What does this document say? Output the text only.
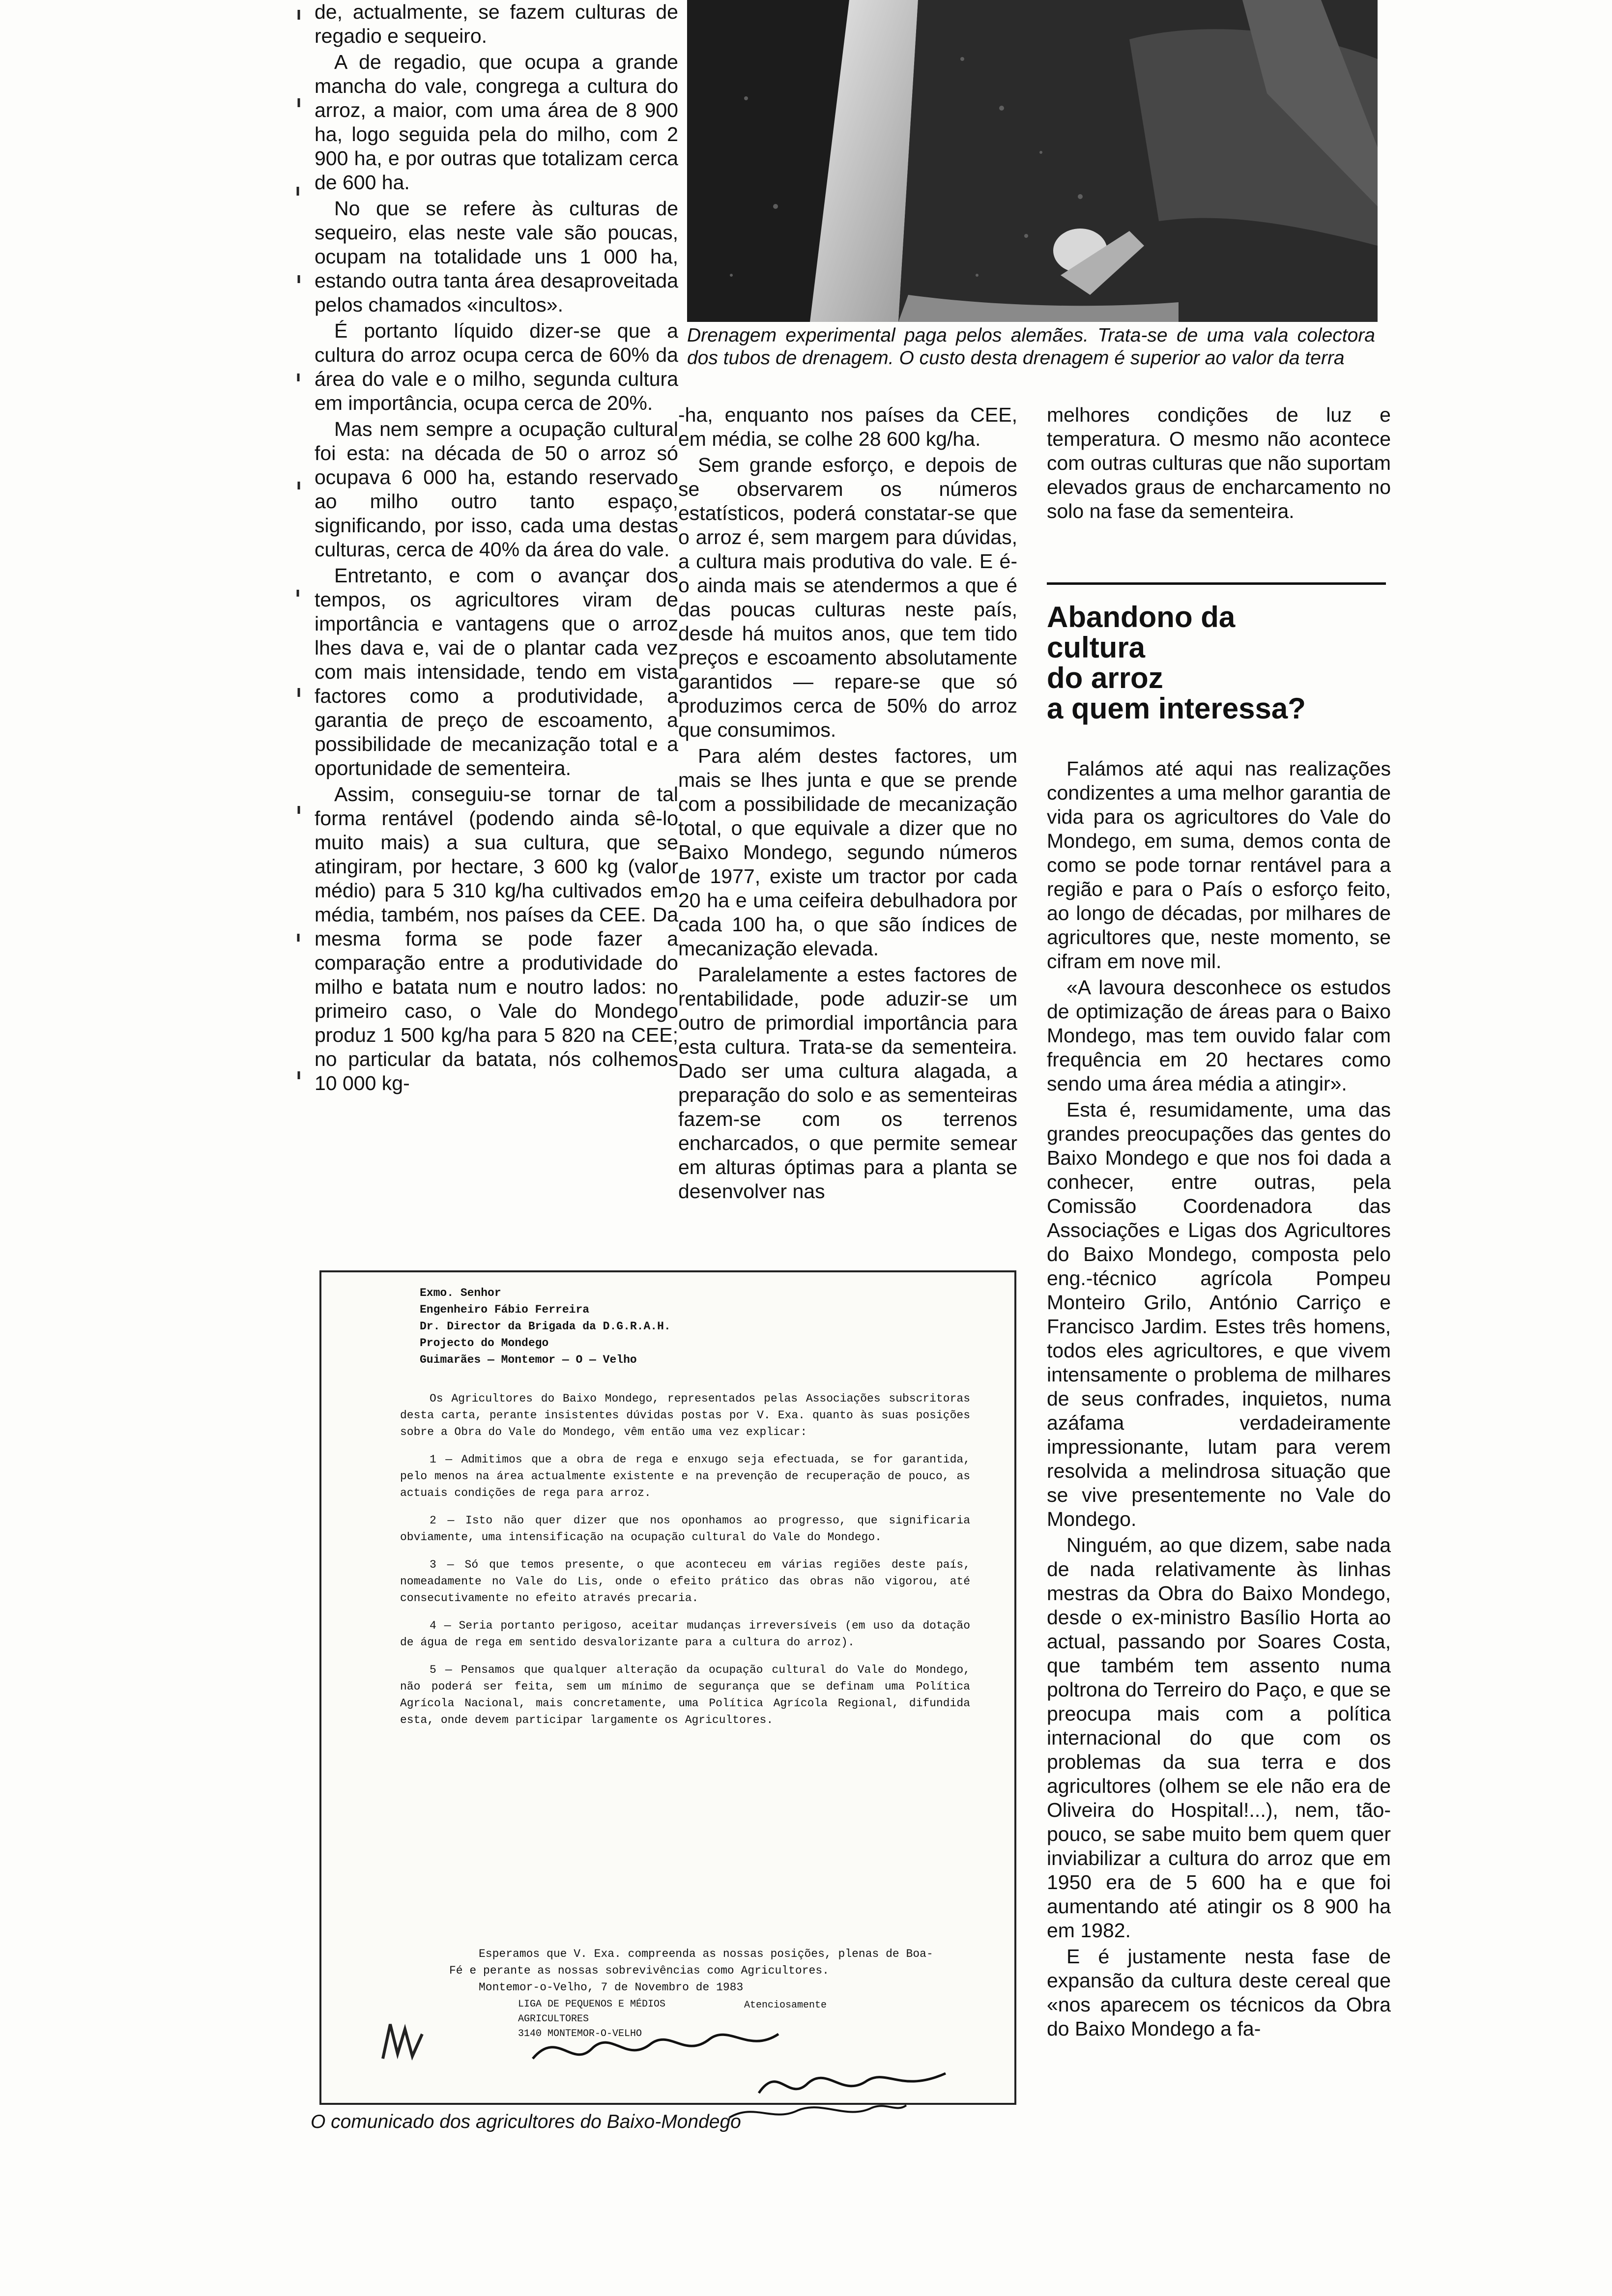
de, actualmente, se fazem culturas de regadio e sequeiro.

A de regadio, que ocupa a grande mancha do vale, congrega a cultura do arroz, a maior, com uma área de 8 900 ha, logo seguida pela do milho, com 2 900 ha, e por outras que totalizam cerca de 600 ha.

No que se refere às culturas de sequeiro, elas neste vale são poucas, ocupam na totalidade uns 1 000 ha, estando outra tanta área desaproveitada pelos chamados «incultos».

É portanto líquido dizer-se que a cultura do arroz ocupa cerca de 60% da área do vale e o milho, segunda cultura em importância, ocupa cerca de 20%.

Mas nem sempre a ocupação cultural foi esta: na década de 50 o arroz só ocupava 6 000 ha, estando reservado ao milho outro tanto espaço, significando, por isso, cada uma destas culturas, cerca de 40% da área do vale.

Entretanto, e com o avançar dos tempos, os agricultores viram de importância e vantagens que o arroz lhes dava e, vai de o plantar cada vez com mais intensidade, tendo em vista factores como a produtividade, a garantia de preço de escoamento, a possibilidade de mecanização total e a oportunidade de sementeira.

Assim, conseguiu-se tornar de tal forma rentável (podendo ainda sê-lo muito mais) a sua cultura, que se atingiram, por hectare, 3 600 kg (valor médio) para 5 310 kg/ha cultivados em média, também, nos países da CEE. Da mesma forma se pode fazer a comparação entre a produtividade do milho e batata num e noutro lados: no primeiro caso, o Vale do Mondego produz 1 500 kg/ha para 5 820 na CEE; no particular da batata, nós colhemos 10 000 kg-

Drenagem experimental paga pelos alemães. Trata-se de uma vala colectora dos tubos de drenagem. O custo desta drenagem é superior ao valor da terra

-ha, enquanto nos países da CEE, em média, se colhe 28 600 kg/ha.

Sem grande esforço, e depois de se observarem os números estatísticos, poderá constatar-se que o arroz é, sem margem para dúvidas, a cultura mais produtiva do vale. E é-o ainda mais se atendermos a que é das poucas culturas neste país, desde há muitos anos, que tem tido preços e escoamento absolutamente garantidos — repare-se que só produzimos cerca de 50% do arroz que consumimos.

Para além destes factores, um mais se lhes junta e que se prende com a possibilidade de mecanização total, o que equivale a dizer que no Baixo Mondego, segundo números de 1977, existe um tractor por cada 20 ha e uma ceifeira debulhadora por cada 100 ha, o que são índices de mecanização elevada.

Paralelamente a estes factores de rentabilidade, pode aduzir-se um outro de primordial importância para esta cultura. Trata-se da sementeira. Dado ser uma cultura alagada, a preparação do solo e as sementeiras fazem-se com os terrenos encharcados, o que permite semear em alturas óptimas para a planta se desenvolver nas

melhores condições de luz e temperatura. O mesmo não acontece com outras culturas que não suportam elevados graus de encharcamento no solo na fase da sementeira.

Abandono da
cultura
do arroz
a quem interessa?

Falámos até aqui nas realizações condizentes a uma melhor garantia de vida para os agricultores do Vale do Mondego, em suma, demos conta de como se pode tornar rentável para a região e para o País o esforço feito, ao longo de décadas, por milhares de agricultores que, neste momento, se cifram em nove mil.

«A lavoura desconhece os estudos de optimização de áreas para o Baixo Mondego, mas tem ouvido falar com frequência em 20 hectares como sendo uma área média a atingir».

Esta é, resumidamente, uma das grandes preocupações das gentes do Baixo Mondego e que nos foi dada a conhecer, entre outras, pela Comissão Coordenadora das Associações e Ligas dos Agricultores do Baixo Mondego, composta pelo eng.-técnico agrícola Pompeu Monteiro Grilo, António Carriço e Francisco Jardim. Estes três homens, todos eles agricultores, e que vivem intensamente o problema de milhares de seus confrades, inquietos, numa azáfama verdadeiramente impressionante, lutam para verem resolvida a melindrosa situação que se vive presentemente no Vale do Mondego.

Ninguém, ao que dizem, sabe nada de nada relativamente às linhas mestras da Obra do Baixo Mondego, desde o ex-ministro Basílio Horta ao actual, passando por Soares Costa, que também tem assento numa poltrona do Terreiro do Paço, e que se preocupa mais com a política internacional do que com os problemas da sua terra e dos agricultores (olhem se ele não era de Oliveira do Hospital!...), nem, tão-pouco, se sabe muito bem quem quer inviabilizar a cultura do arroz que em 1950 era de 5 600 ha e que foi aumentando até atingir os 8 900 ha em 1982.

E é justamente nesta fase de expansão da cultura deste cereal que «nos aparecem os técnicos da Obra do Baixo Mondego a fa-

Exmo. Senhor
Engenheiro Fábio Ferreira
Dr. Director da Brigada da D.G.R.A.H.
Projecto do Mondego
Guimarães — Montemor — O — Velho

Os Agricultores do Baixo Mondego, representados pelas Associações subscritoras desta carta, perante insistentes dúvidas postas por V. Exa. quanto às suas posições sobre a Obra do Vale do Mondego, vêm então uma vez explicar:

1 — Admitimos que a obra de rega e enxugo seja efectuada, se for garantida, pelo menos na área actualmente existente e na prevenção de recuperação de pouco, as actuais condições de rega para arroz.

2 — Isto não quer dizer que nos oponhamos ao progresso, que significaria obviamente, uma intensificação na ocupação cultural do Vale do Mondego.

3 — Só que temos presente, o que aconteceu em várias regiões deste país, nomeadamente no Vale do Lis, onde o efeito prático das obras não vigorou, até consecutivamente no efeito através precaria.

4 — Seria portanto perigoso, aceitar mudanças irreversíveis (em uso da dotação de água de rega em sentido desvalorizante para a cultura do arroz).

5 — Pensamos que qualquer alteração da ocupação cultural do Vale do Mondego, não poderá ser feita, sem um mínimo de segurança que se definam uma Política Agrícola Nacional, mais concretamente, uma Política Agrícola Regional, difundida esta, onde devem participar largamente os Agricultores.

Esperamos que V. Exa. compreenda as nossas posições, plenas de Boa-Fé e perante as nossas sobrevivências como Agricultores.

Montemor-o-Velho, 7 de Novembro de 1983

LIGA DE PEQUENOS E MÉDIOS
AGRICULTORES
3140 MONTEMOR-O-VELHO
Atenciosamente
O comunicado dos agricultores do Baixo-Mondego
